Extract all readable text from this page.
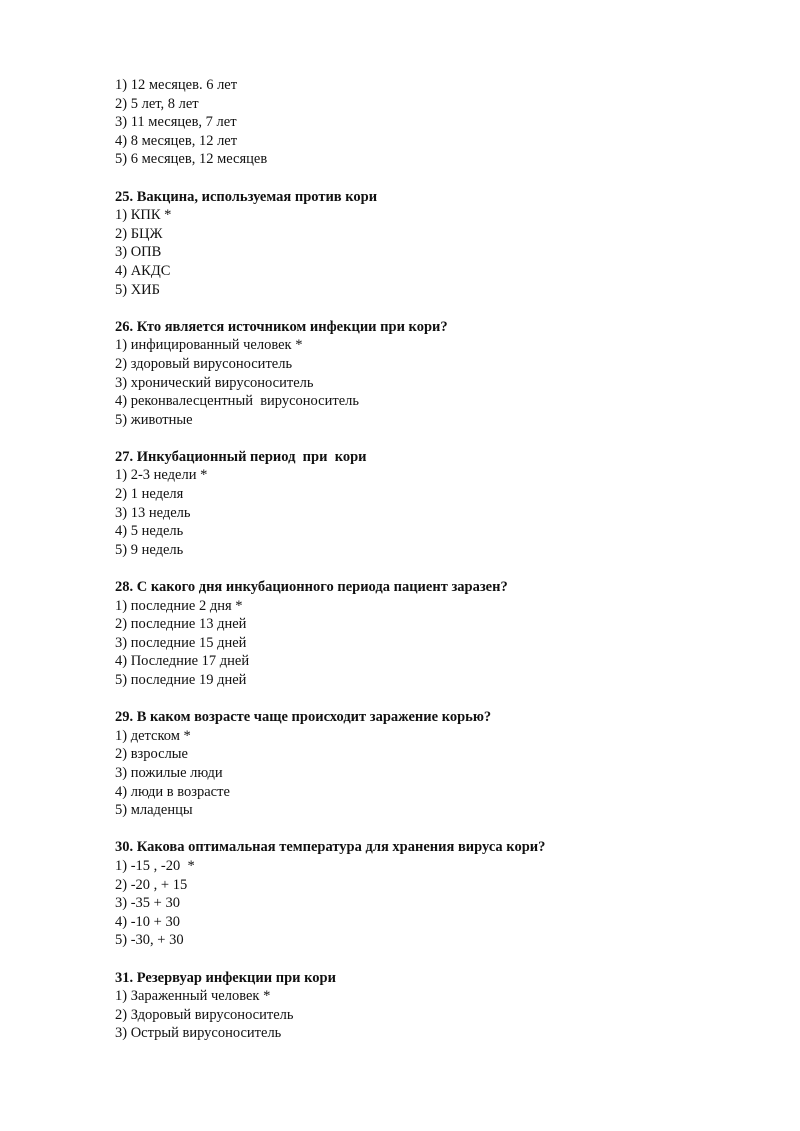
1) 12 месяцев. 6 лет
2) 5 лет, 8 лет
3) 11 месяцев, 7 лет
4) 8 месяцев, 12 лет
5) 6 месяцев, 12 месяцев
25. Вакцина, используемая против кори
1) КПК *
2) БЦЖ
3) ОПВ
4) АКДС
5) ХИБ
26. Кто является источником инфекции при кори?
1) инфицированный человек *
2) здоровый вирусоноситель
3) хронический вирусоноситель
4) реконвалесцентный  вирусоноситель
5) животные
27. Инкубационный период  при  кори
1) 2-3 недели *
2) 1 неделя
3) 13 недель
4) 5 недель
5) 9 недель
28. С какого дня инкубационного периода пациент заразен?
1) последние 2 дня *
2) последние 13 дней
3) последние 15 дней
4) Последние 17 дней
5) последние 19 дней
29. В каком возрасте чаще происходит заражение корью?
1) детском *
2) взрослые
3) пожилые люди
4) люди в возрасте
5) младенцы
30. Какова оптимальная температура для хранения вируса кори?
1) -15 , -20  *
2) -20 , + 15
3) -35 + 30
4) -10 + 30
5) -30, + 30
31. Резервуар инфекции при кори
1) Зараженный человек *
2) Здоровый вирусоноситель
3) Острый вирусоноситель
